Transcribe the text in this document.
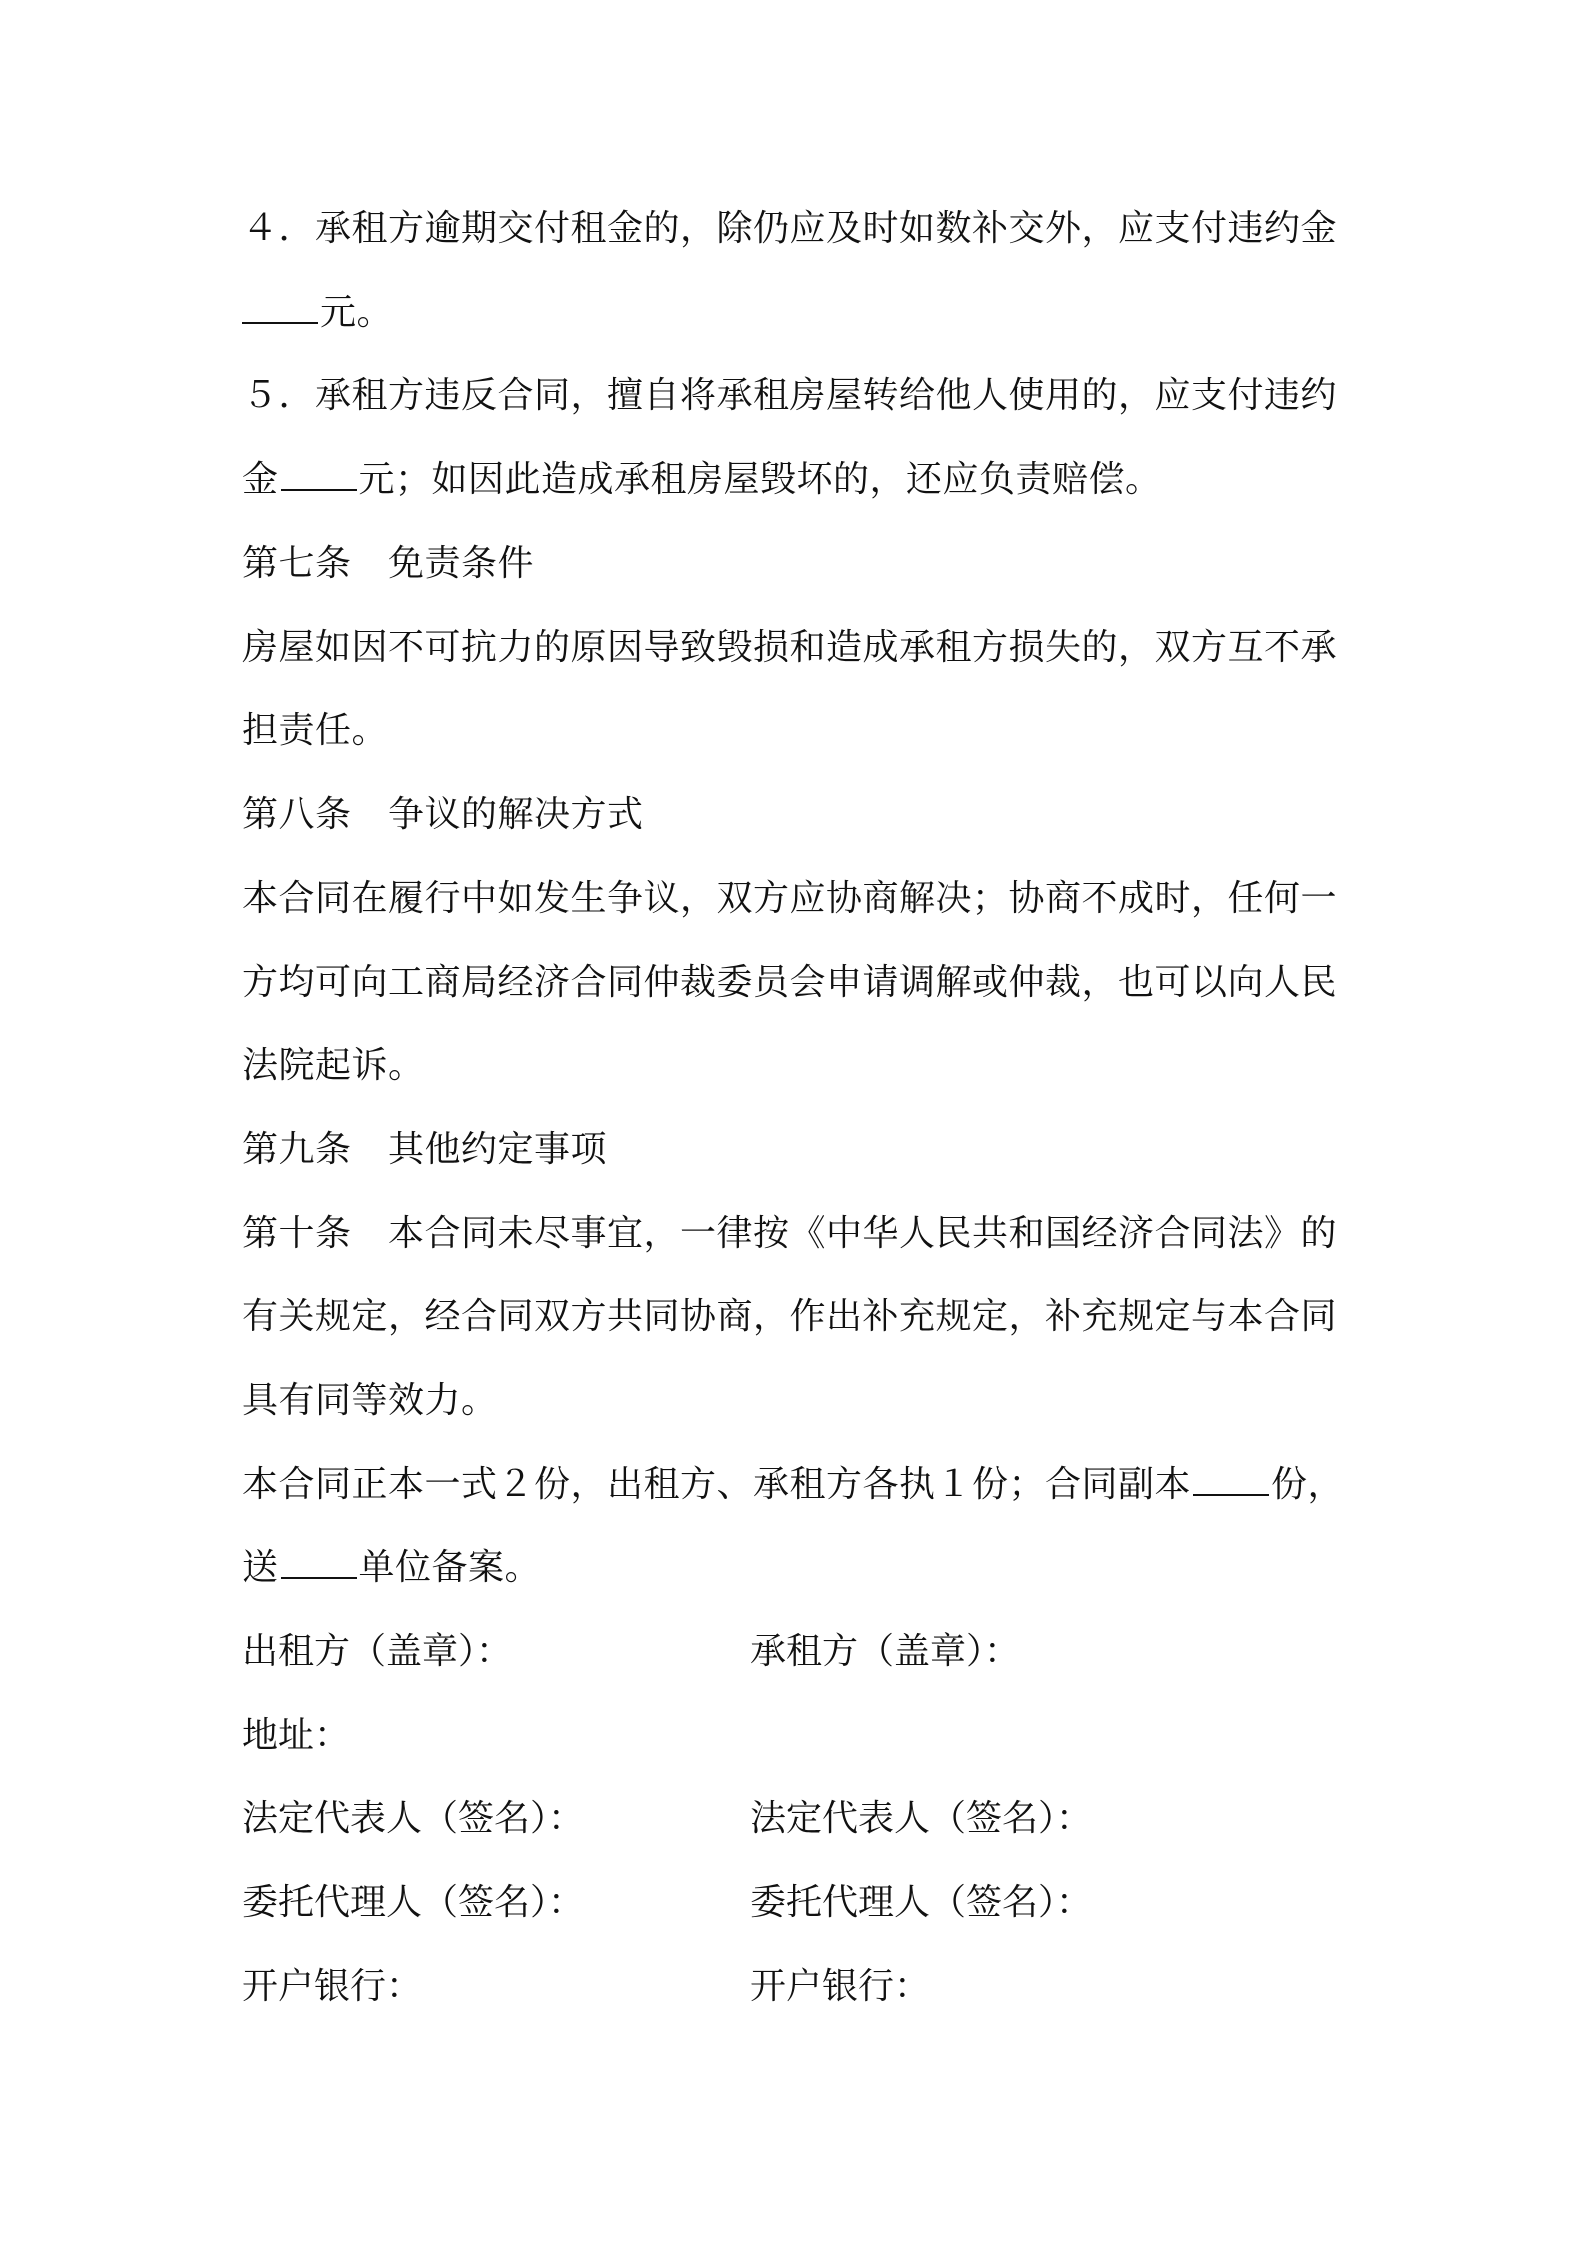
４．承租方逾期交付租金的，除仍应及时如数补交外，应支付违约金
元。
５．承租方违反合同，擅自将承租房屋转给他人使用的，应支付违约
金 元；如因此造成承租房屋毁坏的，还应负责赔偿。
第七条　免责条件
房屋如因不可抗力的原因导致毁损和造成承租方损失的，双方互不承
担责任。
第八条　争议的解决方式
本合同在履行中如发生争议，双方应协商解决；协商不成时，任何一
方均可向工商局经济合同仲裁委员会申请调解或仲裁，也可以向人民
法院起诉。
第九条　其他约定事项
第十条　本合同未尽事宜，一律按《中华人民共和国经济合同法》的
有关规定，经合同双方共同协商，作出补充规定，补充规定与本合同
具有同等效力。
本合同正本一式２份，出租方、承租方各执１份；合同副本 份，
送 单位备案。
出租方（盖章）：	承租方（盖章）：
地址：
法定代表人（签名）：	法定代表人（签名）：
委托代理人（签名）：	委托代理人（签名）：
开户银行：	开户银行：
